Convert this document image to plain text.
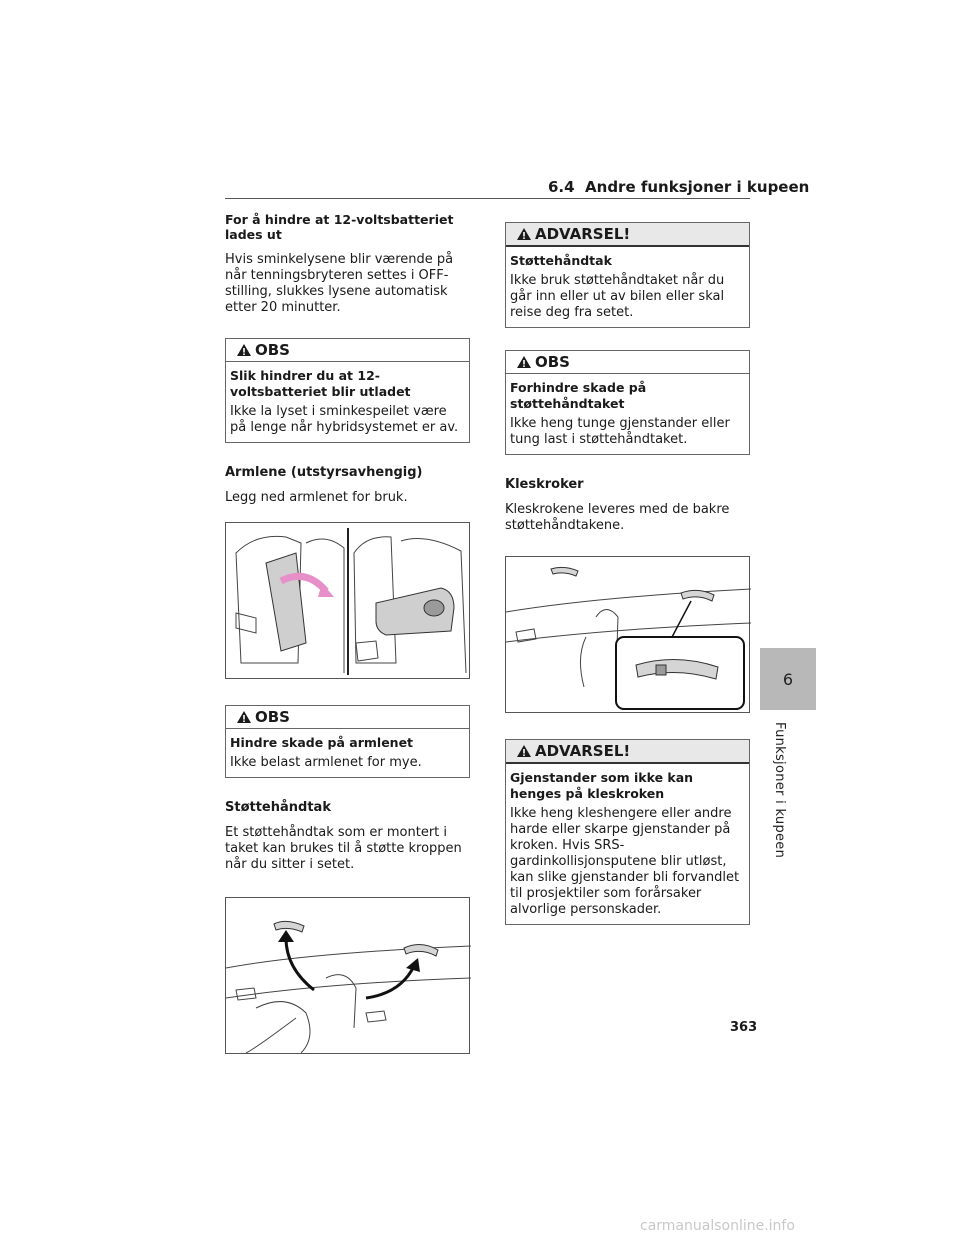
6.4 Andre funksjoner i kupeen

For å hindre at 12-voltsbatteriet lades ut

Hvis sminkelysene blir værende på når tenningsbryteren settes i OFF-stilling, slukkes lysene automatisk etter 20 minutter.

OBS

Slik hindrer du at 12-voltsbatteriet blir utladet

Ikke la lyset i sminkespeilet være på lenge når hybridsystemet er av.

Armlene (utstyrsavhengig)

Legg ned armlenet for bruk.

OBS

Hindre skade på armlenet

Ikke belast armlenet for mye.

Støttehåndtak

Et støttehåndtak som er montert i taket kan brukes til å støtte kroppen når du sitter i setet.

ADVARSEL!

Støttehåndtak

Ikke bruk støttehåndtaket når du går inn eller ut av bilen eller skal reise deg fra setet.

OBS

Forhindre skade på støttehåndtaket

Ikke heng tunge gjenstander eller tung last i støttehåndtaket.

Kleskroker

Kleskrokene leveres med de bakre støttehåndtakene.

ADVARSEL!

Gjenstander som ikke kan henges på kleskroken

Ikke heng kleshengere eller andre harde eller skarpe gjenstander på kroken. Hvis SRS-gardinkollisjonsputene blir utløst, kan slike gjenstander bli forvandlet til prosjektiler som forårsaker alvorlige personskader.

6
Funksjoner i kupeen
363
carmanualsonline.info
